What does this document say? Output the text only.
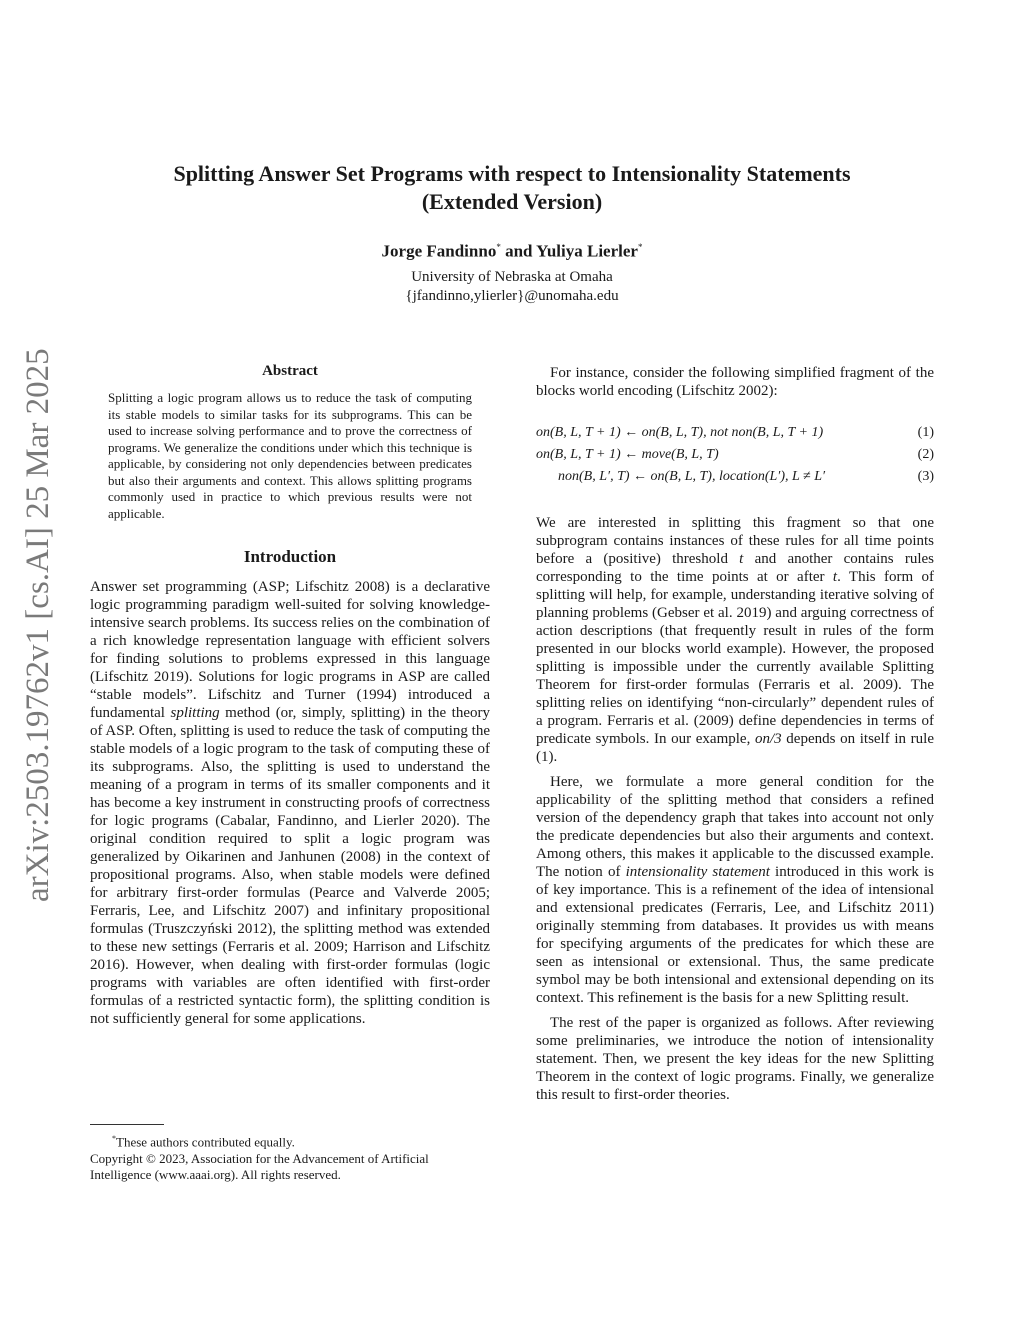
arXiv:2503.19762v1 [cs.AI] 25 Mar 2025
Splitting Answer Set Programs with respect to Intensionality Statements
(Extended Version)
Jorge Fandinno* and Yuliya Lierler*
University of Nebraska at Omaha
{jfandinno,ylierler}@unomaha.edu
Abstract

Splitting a logic program allows us to reduce the task of computing its stable models to similar tasks for its subprograms. This can be used to increase solving performance and to prove the correctness of programs. We generalize the conditions under which this technique is applicable, by considering not only dependencies between predicates but also their arguments and context. This allows splitting programs commonly used in practice to which previous results were not applicable.

Introduction

Answer set programming (ASP; Lifschitz 2008) is a declarative logic programming paradigm well-suited for solving knowledge-intensive search problems. Its success relies on the combination of a rich knowledge representation language with efficient solvers for finding solutions to problems expressed in this language (Lifschitz 2019). Solutions for logic programs in ASP are called “stable models”. Lifschitz and Turner (1994) introduced a fundamental splitting method (or, simply, splitting) in the theory of ASP. Often, splitting is used to reduce the task of computing the stable models of a logic program to the task of computing these of its subprograms. Also, the splitting is used to understand the meaning of a program in terms of its smaller components and it has become a key instrument in constructing proofs of correctness for logic programs (Cabalar, Fandinno, and Lierler 2020). The original condition required to split a logic program was generalized by Oikarinen and Janhunen (2008) in the context of propositional programs. Also, when stable models were defined for arbitrary first-order formulas (Pearce and Valverde 2005; Ferraris, Lee, and Lifschitz 2007) and infinitary propositional formulas (Truszczyński 2012), the splitting method was extended to these new settings (Ferraris et al. 2009; Harrison and Lifschitz 2016). However, when dealing with first-order formulas (logic programs with variables are often identified with first-order formulas of a restricted syntactic form), the splitting condition is not sufficiently general for some applications.

*These authors contributed equally.
Copyright © 2023, Association for the Advancement of Artificial Intelligence (www.aaai.org). All rights reserved.

For instance, consider the following simplified fragment of the blocks world encoding (Lifschitz 2002):

on(B, L, T + 1) ← on(B, L, T), not non(B, L, T + 1)	(1)
on(B, L, T + 1) ← move(B, L, T)	(2)
non(B, L′, T) ← on(B, L, T), location(L′), L ≠ L′	(3)

We are interested in splitting this fragment so that one subprogram contains instances of these rules for all time points before a (positive) threshold t and another contains rules corresponding to the time points at or after t. This form of splitting will help, for example, understanding iterative solving of planning problems (Gebser et al. 2019) and arguing correctness of action descriptions (that frequently result in rules of the form presented in our blocks world example). However, the proposed splitting is impossible under the currently available Splitting Theorem for first-order formulas (Ferraris et al. 2009). The splitting relies on identifying “non-circularly” dependent rules of a program. Ferraris et al. (2009) define dependencies in terms of predicate symbols. In our example, on/3 depends on itself in rule (1).

Here, we formulate a more general condition for the applicability of the splitting method that considers a refined version of the dependency graph that takes into account not only the predicate dependencies but also their arguments and context. Among others, this makes it applicable to the discussed example. The notion of intensionality statement introduced in this work is of key importance. This is a refinement of the idea of intensional and extensional predicates (Ferraris, Lee, and Lifschitz 2011) originally stemming from databases. It provides us with means for specifying arguments of the predicates for which these are seen as intensional or extensional. Thus, the same predicate symbol may be both intensional and extensional depending on its context. This refinement is the basis for a new Splitting result.

The rest of the paper is organized as follows. After reviewing some preliminaries, we introduce the notion of intensionality statement. Then, we present the key ideas for the new Splitting Theorem in the context of logic programs. Finally, we generalize this result to first-order theories.
